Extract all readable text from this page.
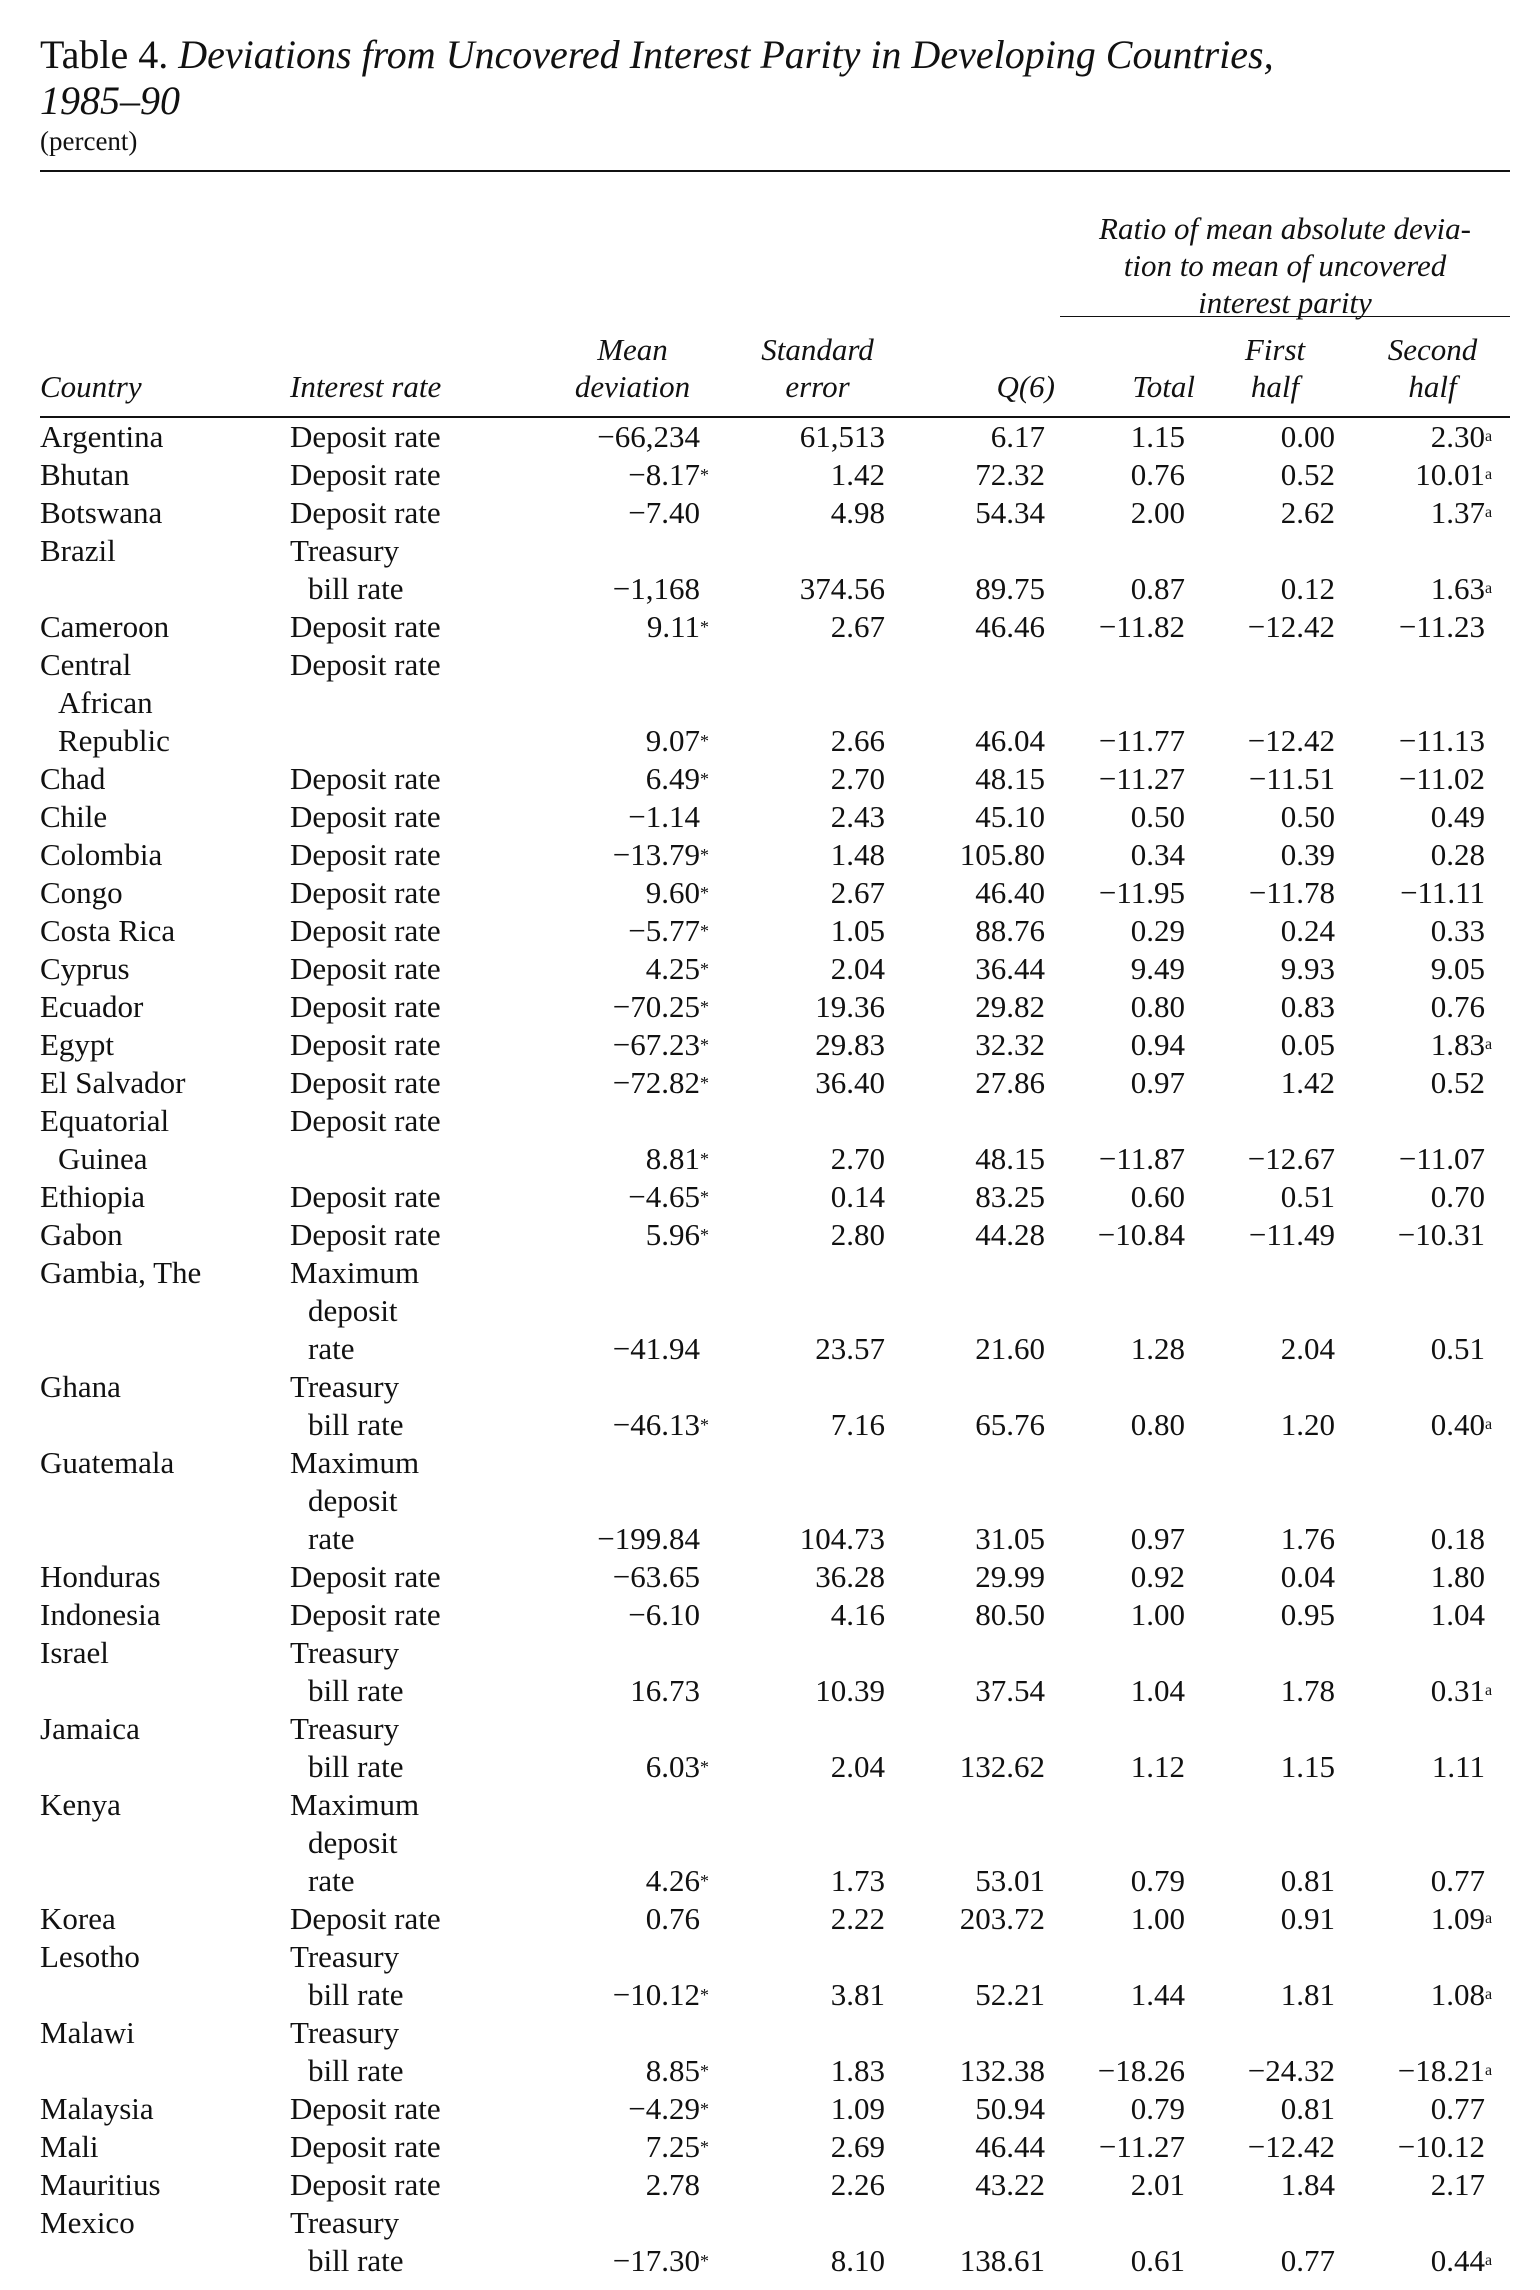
Table 4. Deviations from Uncovered Interest Parity in Developing Countries,
1985–90

(percent)

Ratio of mean absolute devia-
tion to mean of uncovered
interest parity
Country	Interest rate
Mean
deviation
Standard
error	Q(6)	Total
First
half
Second
half
Argentina	Deposit rate	−66,234		61,513	6.17	1.15	0.00	2.30	a
Bhutan	Deposit rate	−8.17	*	1.42	72.32	0.76	0.52	10.01	a
Botswana	Deposit rate	−7.40		4.98	54.34	2.00	2.62	1.37	a
Brazil	Treasury								
	bill rate	−1,168		374.56	89.75	0.87	0.12	1.63	a
Cameroon	Deposit rate	9.11	*	2.67	46.46	−11.82	−12.42	−11.23	
Central	Deposit rate								
African									
Republic		9.07	*	2.66	46.04	−11.77	−12.42	−11.13	
Chad	Deposit rate	6.49	*	2.70	48.15	−11.27	−11.51	−11.02	
Chile	Deposit rate	−1.14		2.43	45.10	0.50	0.50	0.49	
Colombia	Deposit rate	−13.79	*	1.48	105.80	0.34	0.39	0.28	
Congo	Deposit rate	9.60	*	2.67	46.40	−11.95	−11.78	−11.11	
Costa Rica	Deposit rate	−5.77	*	1.05	88.76	0.29	0.24	0.33	
Cyprus	Deposit rate	4.25	*	2.04	36.44	9.49	9.93	9.05	
Ecuador	Deposit rate	−70.25	*	19.36	29.82	0.80	0.83	0.76	
Egypt	Deposit rate	−67.23	*	29.83	32.32	0.94	0.05	1.83	a
El Salvador	Deposit rate	−72.82	*	36.40	27.86	0.97	1.42	0.52	
Equatorial	Deposit rate								
Guinea		8.81	*	2.70	48.15	−11.87	−12.67	−11.07	
Ethiopia	Deposit rate	−4.65	*	0.14	83.25	0.60	0.51	0.70	
Gabon	Deposit rate	5.96	*	2.80	44.28	−10.84	−11.49	−10.31	
Gambia, The	Maximum								
	deposit								
	rate	−41.94		23.57	21.60	1.28	2.04	0.51	
Ghana	Treasury								
	bill rate	−46.13	*	7.16	65.76	0.80	1.20	0.40	a
Guatemala	Maximum								
	deposit								
	rate	−199.84		104.73	31.05	0.97	1.76	0.18	
Honduras	Deposit rate	−63.65		36.28	29.99	0.92	0.04	1.80	
Indonesia	Deposit rate	−6.10		4.16	80.50	1.00	0.95	1.04	
Israel	Treasury								
	bill rate	16.73		10.39	37.54	1.04	1.78	0.31	a
Jamaica	Treasury								
	bill rate	6.03	*	2.04	132.62	1.12	1.15	1.11	
Kenya	Maximum								
	deposit								
	rate	4.26	*	1.73	53.01	0.79	0.81	0.77	
Korea	Deposit rate	0.76		2.22	203.72	1.00	0.91	1.09	a
Lesotho	Treasury								
	bill rate	−10.12	*	3.81	52.21	1.44	1.81	1.08	a
Malawi	Treasury								
	bill rate	8.85	*	1.83	132.38	−18.26	−24.32	−18.21	a
Malaysia	Deposit rate	−4.29	*	1.09	50.94	0.79	0.81	0.77	
Mali	Deposit rate	7.25	*	2.69	46.44	−11.27	−12.42	−10.12	
Mauritius	Deposit rate	2.78		2.26	43.22	2.01	1.84	2.17	
Mexico	Treasury								
	bill rate	−17.30	*	8.10	138.61	0.61	0.77	0.44	a
